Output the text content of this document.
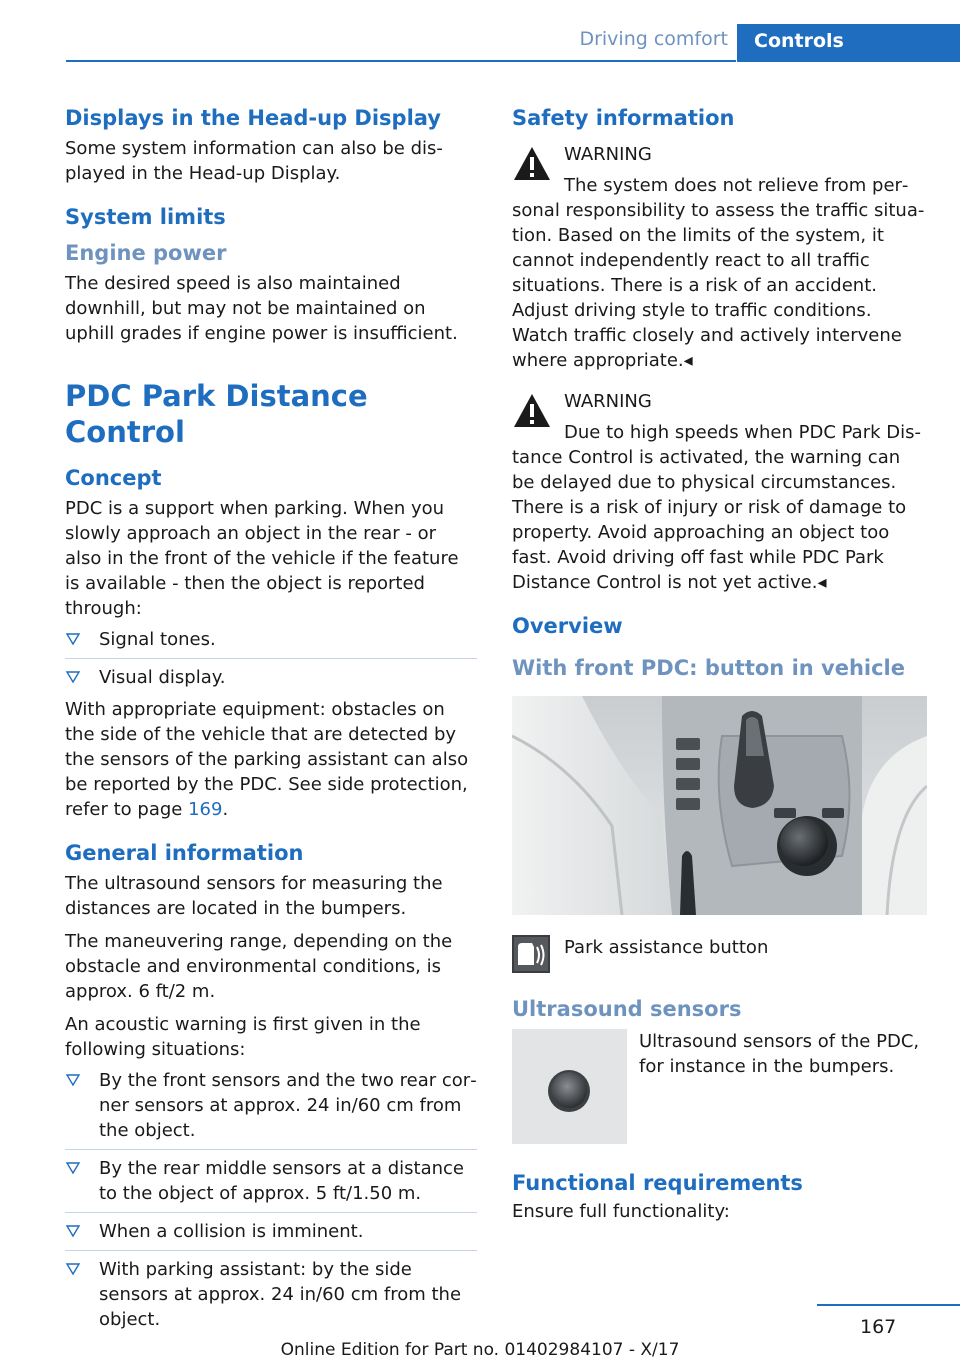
Driving comfort Controls
Displays in the Head-up Display

Some system information can also be displayed in the Head-up Display.

System limits
Engine power

The desired speed is also maintained downhill, but may not be maintained on uphill grades if engine power is insufficient.

PDC Park Distance Control
Concept

PDC is a support when parking. When you slowly approach an object in the rear - or also in the front of the vehicle if the feature is available - then the object is reported through:

Signal tones.
Visual display.

With appropriate equipment: obstacles on the side of the vehicle that are detected by the sensors of the parking assistant can also be reported by the PDC. See side protection, refer to page 169.

General information

The ultrasound sensors for measuring the distances are located in the bumpers.

The maneuvering range, depending on the obstacle and environmental conditions, is approx. 6 ft/2 m.

An acoustic warning is first given in the following situations:

By the front sensors and the two rear corner sensors at approx. 24 in/60 cm from the object.
By the rear middle sensors at a distance to the object of approx. 5 ft/1.50 m.
When a collision is imminent.
With parking assistant: by the side sensors at approx. 24 in/60 cm from the object.
Safety information

WARNING

The system does not relieve from personal responsibility to assess the traffic situation. Based on the limits of the system, it cannot independently react to all traffic situations. There is a risk of an accident. Adjust driving style to traffic conditions. Watch traffic closely and actively intervene where appropriate.◂

WARNING

Due to high speeds when PDC Park Distance Control is activated, the warning can be delayed due to physical circumstances. There is a risk of injury or risk of damage to property. Avoid approaching an object too fast. Avoid driving off fast while PDC Park Distance Control is not yet active.◂

Overview
With front PDC: button in vehicle
Park assistance button
Ultrasound sensors

Ultrasound sensors of the PDC, for instance in the bumpers.

Functional requirements

Ensure full functionality:

167
Online Edition for Part no. 01402984107 - X/17
